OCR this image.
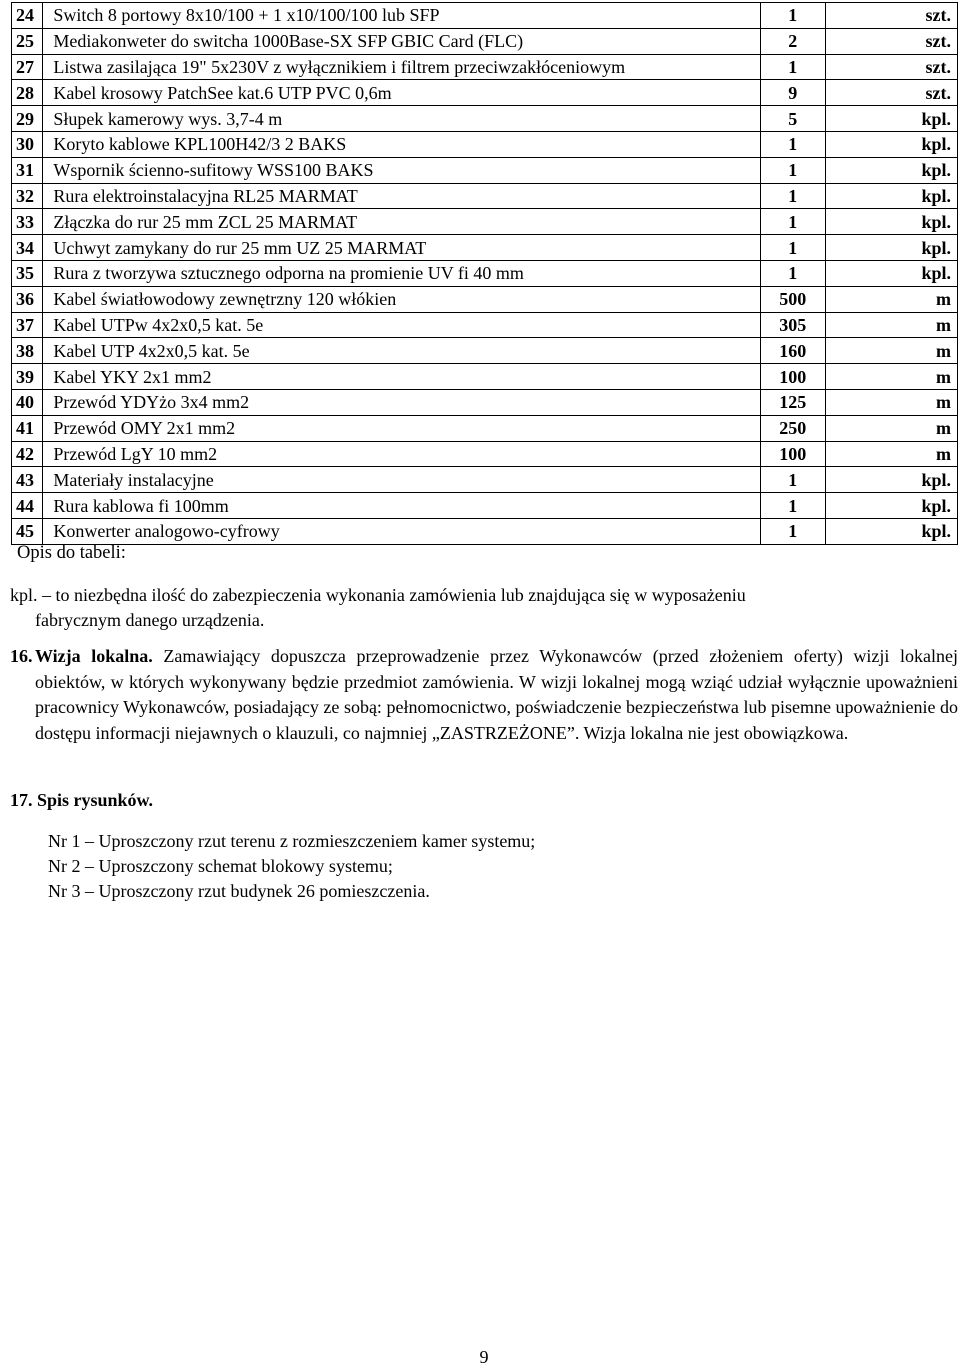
24	Switch 8 portowy 8x10/100 + 1 x10/100/100 lub SFP	1	szt.
25	Mediakonweter do switcha 1000Base-SX SFP GBIC Card (FLC)	2	szt.
27	Listwa zasilająca 19" 5x230V z wyłącznikiem i filtrem przeciwzakłóceniowym	1	szt.
28	Kabel krosowy PatchSee kat.6 UTP PVC 0,6m	9	szt.
29	Słupek kamerowy wys. 3,7-4 m	5	kpl.
30	Koryto kablowe KPL100H42/3 2 BAKS	1	kpl.
31	Wspornik ścienno-sufitowy WSS100 BAKS	1	kpl.
32	Rura elektroinstalacyjna RL25 MARMAT	1	kpl.
33	Złączka do rur 25 mm ZCL 25 MARMAT	1	kpl.
34	Uchwyt zamykany do rur 25 mm UZ 25 MARMAT	1	kpl.
35	Rura z tworzywa sztucznego odporna na promienie UV fi 40 mm	1	kpl.
36	Kabel światłowodowy zewnętrzny 120 włókien	500	m
37	Kabel UTPw 4x2x0,5 kat. 5e	305	m
38	Kabel UTP 4x2x0,5 kat. 5e	160	m
39	Kabel YKY 2x1 mm2	100	m
40	Przewód YDYżo 3x4 mm2	125	m
41	Przewód OMY 2x1 mm2	250	m
42	Przewód LgY 10 mm2	100	m
43	Materiały instalacyjne	1	kpl.
44	Rura kablowa fi 100mm	1	kpl.
45	Konwerter analogowo-cyfrowy	1	kpl.
Opis do tabeli:
kpl. – to niezbędna ilość do zabezpieczenia wykonania zamówienia lub znajdująca się w wyposażeniu
fabrycznym danego urządzenia.
16. Wizja lokalna. Zamawiający dopuszcza przeprowadzenie przez Wykonawców (przed złożeniem oferty) wizji lokalnej obiektów, w których wykonywany będzie przedmiot zamówienia. W wizji lokalnej mogą wziąć udział wyłącznie upoważnieni pracownicy Wykonawców, posiadający ze sobą: pełnomocnictwo, poświadczenie bezpieczeństwa lub pisemne upoważnienie do dostępu informacji niejawnych o klauzuli, co najmniej „ZASTRZEŻONE”. Wizja lokalna nie jest obowiązkowa.
17. Spis rysunków.
Nr 1 – Uproszczony rzut terenu z rozmieszczeniem kamer systemu;
Nr 2 – Uproszczony schemat blokowy systemu;
Nr 3 – Uproszczony rzut budynek 26 pomieszczenia.
9
